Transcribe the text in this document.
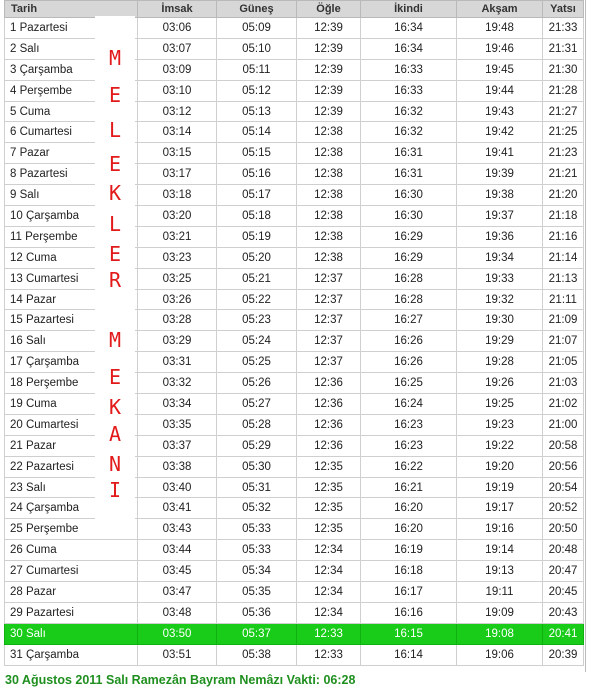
Tarih	İmsak	Güneş	Öğle	İkindi	Akşam	Yatsı
1 Pazartesi	03:06	05:09	12:39	16:34	19:48	21:33
2 Salı	03:07	05:10	12:39	16:34	19:46	21:31
3 Çarşamba	03:09	05:11	12:39	16:33	19:45	21:30
4 Perşembe	03:10	05:12	12:39	16:33	19:44	21:28
5 Cuma	03:12	05:13	12:39	16:32	19:43	21:27
6 Cumartesi	03:14	05:14	12:38	16:32	19:42	21:25
7 Pazar	03:15	05:15	12:38	16:31	19:41	21:23
8 Pazartesi	03:17	05:16	12:38	16:31	19:39	21:21
9 Salı	03:18	05:17	12:38	16:30	19:38	21:20
10 Çarşamba	03:20	05:18	12:38	16:30	19:37	21:18
11 Perşembe	03:21	05:19	12:38	16:29	19:36	21:16
12 Cuma	03:23	05:20	12:38	16:29	19:34	21:14
13 Cumartesi	03:25	05:21	12:37	16:28	19:33	21:13
14 Pazar	03:26	05:22	12:37	16:28	19:32	21:11
15 Pazartesi	03:28	05:23	12:37	16:27	19:30	21:09
16 Salı	03:29	05:24	12:37	16:26	19:29	21:07
17 Çarşamba	03:31	05:25	12:37	16:26	19:28	21:05
18 Perşembe	03:32	05:26	12:36	16:25	19:26	21:03
19 Cuma	03:34	05:27	12:36	16:24	19:25	21:02
20 Cumartesi	03:35	05:28	12:36	16:23	19:23	21:00
21 Pazar	03:37	05:29	12:36	16:23	19:22	20:58
22 Pazartesi	03:38	05:30	12:35	16:22	19:20	20:56
23 Salı	03:40	05:31	12:35	16:21	19:19	20:54
24 Çarşamba	03:41	05:32	12:35	16:20	19:17	20:52
25 Perşembe	03:43	05:33	12:35	16:20	19:16	20:50
26 Cuma	03:44	05:33	12:34	16:19	19:14	20:48
27 Cumartesi	03:45	05:34	12:34	16:18	19:13	20:47
28 Pazar	03:47	05:35	12:34	16:17	19:11	20:45
29 Pazartesi	03:48	05:36	12:34	16:16	19:09	20:43
30 Salı	03:50	05:37	12:33	16:15	19:08	20:41
31 Çarşamba	03:51	05:38	12:33	16:14	19:06	20:39
M
E
L
E
K
L
E
R
M
E
K
A
N
I
30 Ağustos 2011 Salı Ramezân Bayram Nemâzı Vakti: 06:28
